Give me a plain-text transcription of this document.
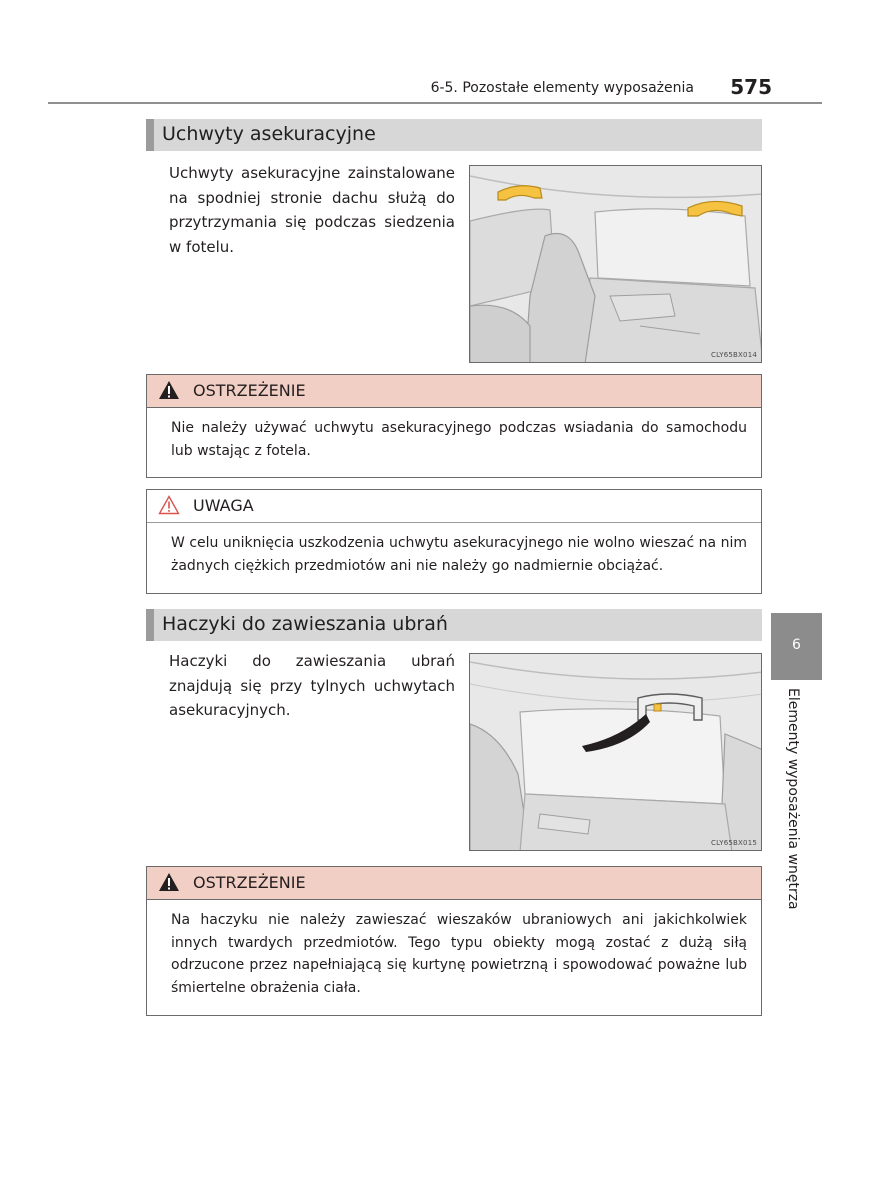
6-5. Pozostałe elementy wyposażenia 575
Uchwyty asekuracyjne
Uchwyty asekuracyjne zainstalowane na spodniej stronie dachu służą do przytrzymania się podczas siedzenia w fotelu.
CLY65BX014
OSTRZEŻENIE
Nie należy używać uchwytu asekuracyjnego podczas wsiadania do samochodu lub wstając z fotela.
UWAGA
W celu uniknięcia uszkodzenia uchwytu asekuracyjnego nie wolno wieszać na nim żadnych ciężkich przedmiotów ani nie należy go nadmiernie obciążać.
Haczyki do zawieszania ubrań
Haczyki do zawieszania ubrań znajdują się przy tylnych uchwytach asekuracyjnych.
CLY65BX015
OSTRZEŻENIE
Na haczyku nie należy zawieszać wieszaków ubraniowych ani jakichkolwiek innych twardych przedmiotów. Tego typu obiekty mogą zostać z dużą siłą odrzucone przez napełniającą się kurtynę powietrzną i spowodować poważne lub śmiertelne obrażenia ciała.
6
Elementy wyposażenia wnętrza
